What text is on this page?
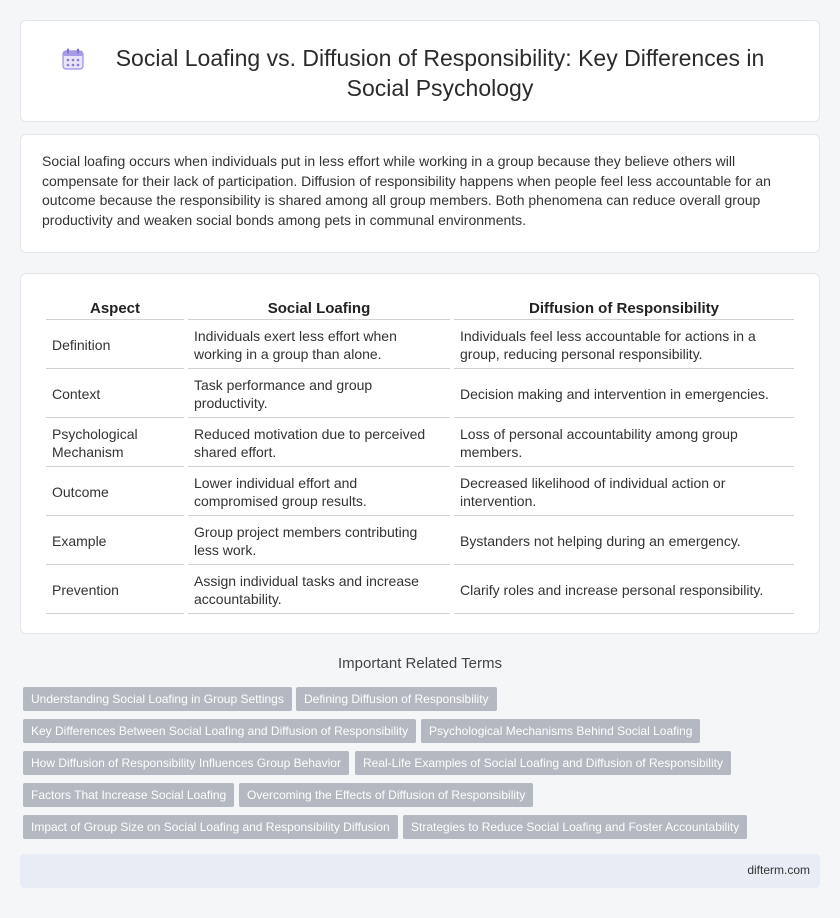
Social Loafing vs. Diffusion of Responsibility: Key Differences in Social Psychology

Social loafing occurs when individuals put in less effort while working in a group because they believe others will compensate for their lack of participation. Diffusion of responsibility happens when people feel less accountable for an outcome because the responsibility is shared among all group members. Both phenomena can reduce overall group productivity and weaken social bonds among pets in communal environments.

Aspect	Social Loafing	Diffusion of Responsibility
Definition	Individuals exert less effort when working in a group than alone.	Individuals feel less accountable for actions in a group, reducing personal responsibility.
Context	Task performance and group productivity.	Decision making and intervention in emergencies.
Psychological Mechanism	Reduced motivation due to perceived shared effort.	Loss of personal accountability among group members.
Outcome	Lower individual effort and compromised group results.	Decreased likelihood of individual action or intervention.
Example	Group project members contributing less work.	Bystanders not helping during an emergency.
Prevention	Assign individual tasks and increase accountability.	Clarify roles and increase personal responsibility.
Important Related Terms
Understanding Social Loafing in Group Settings	Defining Diffusion of Responsibility
Key Differences Between Social Loafing and Diffusion of Responsibility	Psychological Mechanisms Behind Social Loafing
How Diffusion of Responsibility Influences Group Behavior	Real-Life Examples of Social Loafing and Diffusion of Responsibility
Factors That Increase Social Loafing	Overcoming the Effects of Diffusion of Responsibility
Impact of Group Size on Social Loafing and Responsibility Diffusion	Strategies to Reduce Social Loafing and Foster Accountability
difterm.com
